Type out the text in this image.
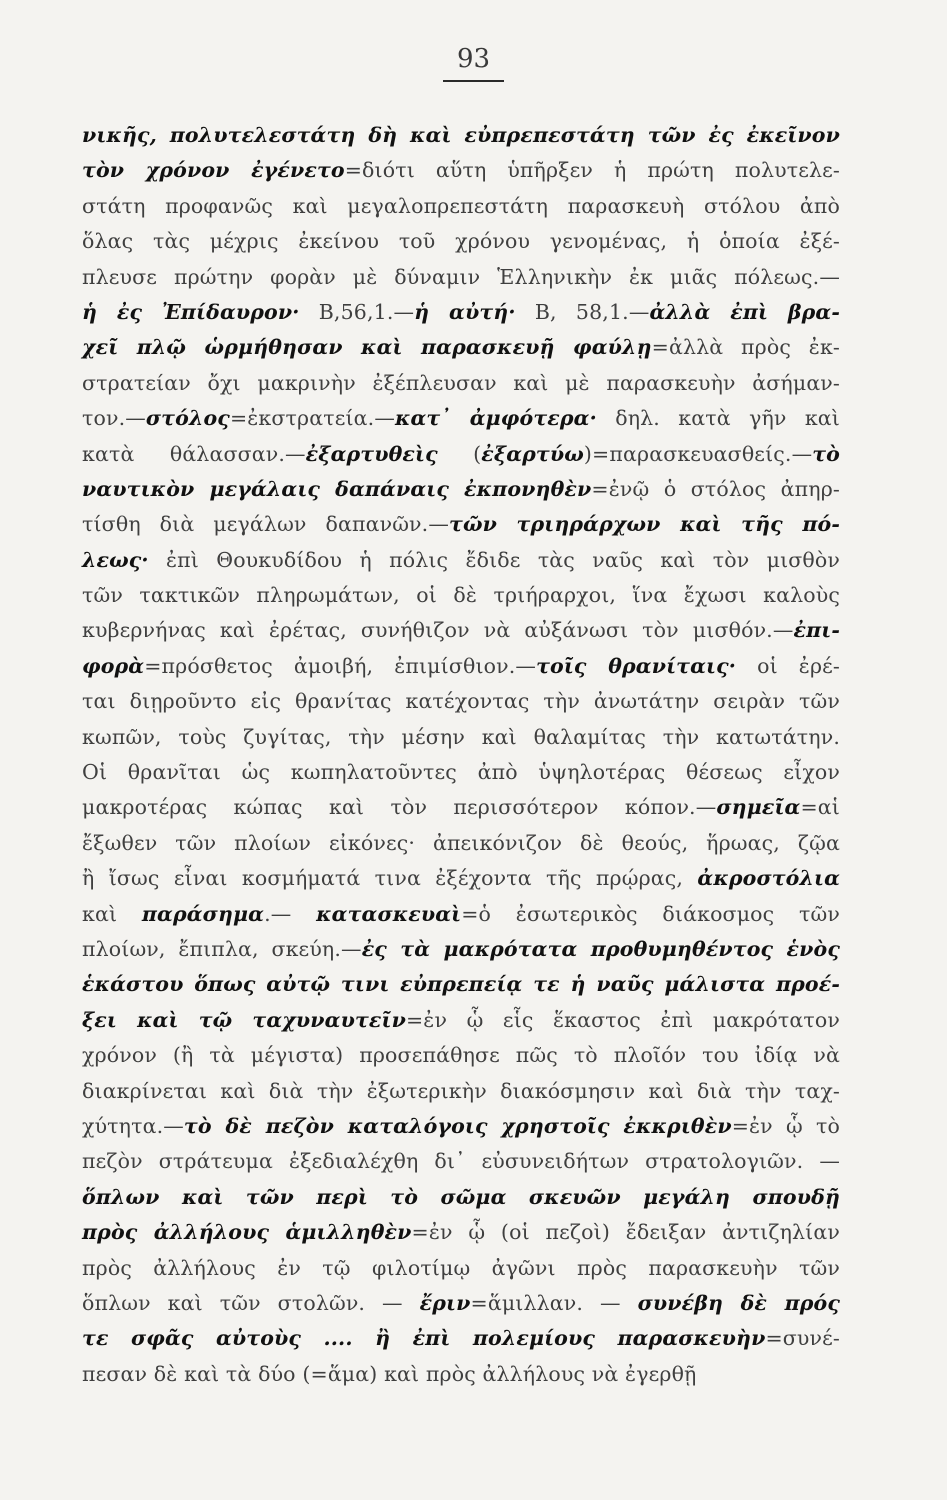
93
νικῆς, πολυτελεστάτη δὴ καὶ εὐπρεπεστάτη τῶν ἐς ἐκεῖνον
τὸν χρόνον ἐγένετο=διότι αὕτη ὑπῆρξεν ἡ πρώτη πολυτελε-
στάτη προφανῶς καὶ μεγαλοπρεπεστάτη παρασκευὴ στόλου ἀπὸ
ὅλας τὰς μέχρις ἐκείνου τοῦ χρόνου γενομένας, ἡ ὁποία ἐξέ-
πλευσε πρώτην φορὰν μὲ δύναμιν Ἑλληνικὴν ἐκ μιᾶς πόλεως.—
ἡ ἐς Ἐπίδαυρον· Β,56,1.—ἡ αὐτή· Β, 58,1.—ἀλλὰ ἐπὶ βρα-
χεῖ πλῷ ὡρμήθησαν καὶ παρασκευῇ φαύλῃ=ἀλλὰ πρὸς ἐκ-
στρατείαν ὄχι μακρινὴν ἐξέπλευσαν καὶ μὲ παρασκευὴν ἀσήμαν-
τον.—στόλος=ἐκστρατεία.—κατ᾽ ἀμφότερα· δηλ. κατὰ γῆν καὶ
κατὰ θάλασσαν.—ἐξαρτυθεὶς (ἐξαρτύω)=παρασκευασθείς.—τὸ
ναυτικὸν μεγάλαις δαπάναις ἐκπονηθὲν=ἐνῷ ὁ στόλος ἀπηρ-
τίσθη διὰ μεγάλων δαπανῶν.—τῶν τριηράρχων καὶ τῆς πό-
λεως· ἐπὶ Θουκυδίδου ἡ πόλις ἔδιδε τὰς ναῦς καὶ τὸν μισθὸν
τῶν τακτικῶν πληρωμάτων, οἱ δὲ τριήραρχοι, ἵνα ἔχωσι καλοὺς
κυβερνήνας καὶ ἐρέτας, συνήθιζον νὰ αὐξάνωσι τὸν μισθόν.—ἐπι-
φορὰ=πρόσθετος ἀμοιβή, ἐπιμίσθιον.—τοῖς θρανίταις· οἱ ἐρέ-
ται διῃροῦντο εἰς θρανίτας κατέχοντας τὴν ἀνωτάτην σειρὰν τῶν
κωπῶν, τοὺς ζυγίτας, τὴν μέσην καὶ θαλαμίτας τὴν κατωτάτην.
Οἱ θρανῖται ὡς κωπηλατοῦντες ἀπὸ ὑψηλοτέρας θέσεως εἶχον
μακροτέρας κώπας καὶ τὸν περισσότερον κόπον.—σημεῖα=αἱ
ἔξωθεν τῶν πλοίων εἰκόνες· ἀπεικόνιζον δὲ θεούς, ἥρωας, ζῷα
ἢ ἴσως εἶναι κοσμήματά τινα ἐξέχοντα τῆς πρῴρας, ἀκροστόλια
καὶ παράσημα.— κατασκευαὶ=ὁ ἐσωτερικὸς διάκοσμος τῶν
πλοίων, ἔπιπλα, σκεύη.—ἐς τὰ μακρότατα προθυμηθέντος ἑνὸς
ἑκάστου ὅπως αὐτῷ τινι εὐπρεπείᾳ τε ἡ ναῦς μάλιστα προέ-
ξει καὶ τῷ ταχυναυτεῖν=ἐν ᾧ εἷς ἕκαστος ἐπὶ μακρότατον
χρόνον (ἢ τὰ μέγιστα) προσεπάθησε πῶς τὸ πλοῖόν του ἰδίᾳ νὰ
διακρίνεται καὶ διὰ τὴν ἐξωτερικὴν διακόσμησιν καὶ διὰ τὴν ταχ-
χύτητα.—τὸ δὲ πεζὸν καταλόγοις χρηστοῖς ἐκκριθὲν=ἐν ᾧ τὸ
πεζὸν στράτευμα ἐξεδιαλέχθη δι᾽ εὐσυνειδήτων στρατολογιῶν. —
ὅπλων καὶ τῶν περὶ τὸ σῶμα σκευῶν μεγάλη σπουδῇ
πρὸς ἀλλήλους ἁμιλληθὲν=ἐν ᾧ (οἱ πεζοὶ) ἔδειξαν ἀντιζηλίαν
πρὸς ἀλλήλους ἐν τῷ φιλοτίμῳ ἀγῶνι πρὸς παρασκευὴν τῶν
ὅπλων καὶ τῶν στολῶν. — ἔριν=ἅμιλλαν. — συνέβη δὲ πρός
τε σφᾶς αὐτοὺς .... ἢ ἐπὶ πολεμίους παρασκευὴν=συνέ-
πεσαν δὲ καὶ τὰ δύο (=ἅμα) καὶ πρὸς ἀλλήλους νὰ ἐγερθῇ
